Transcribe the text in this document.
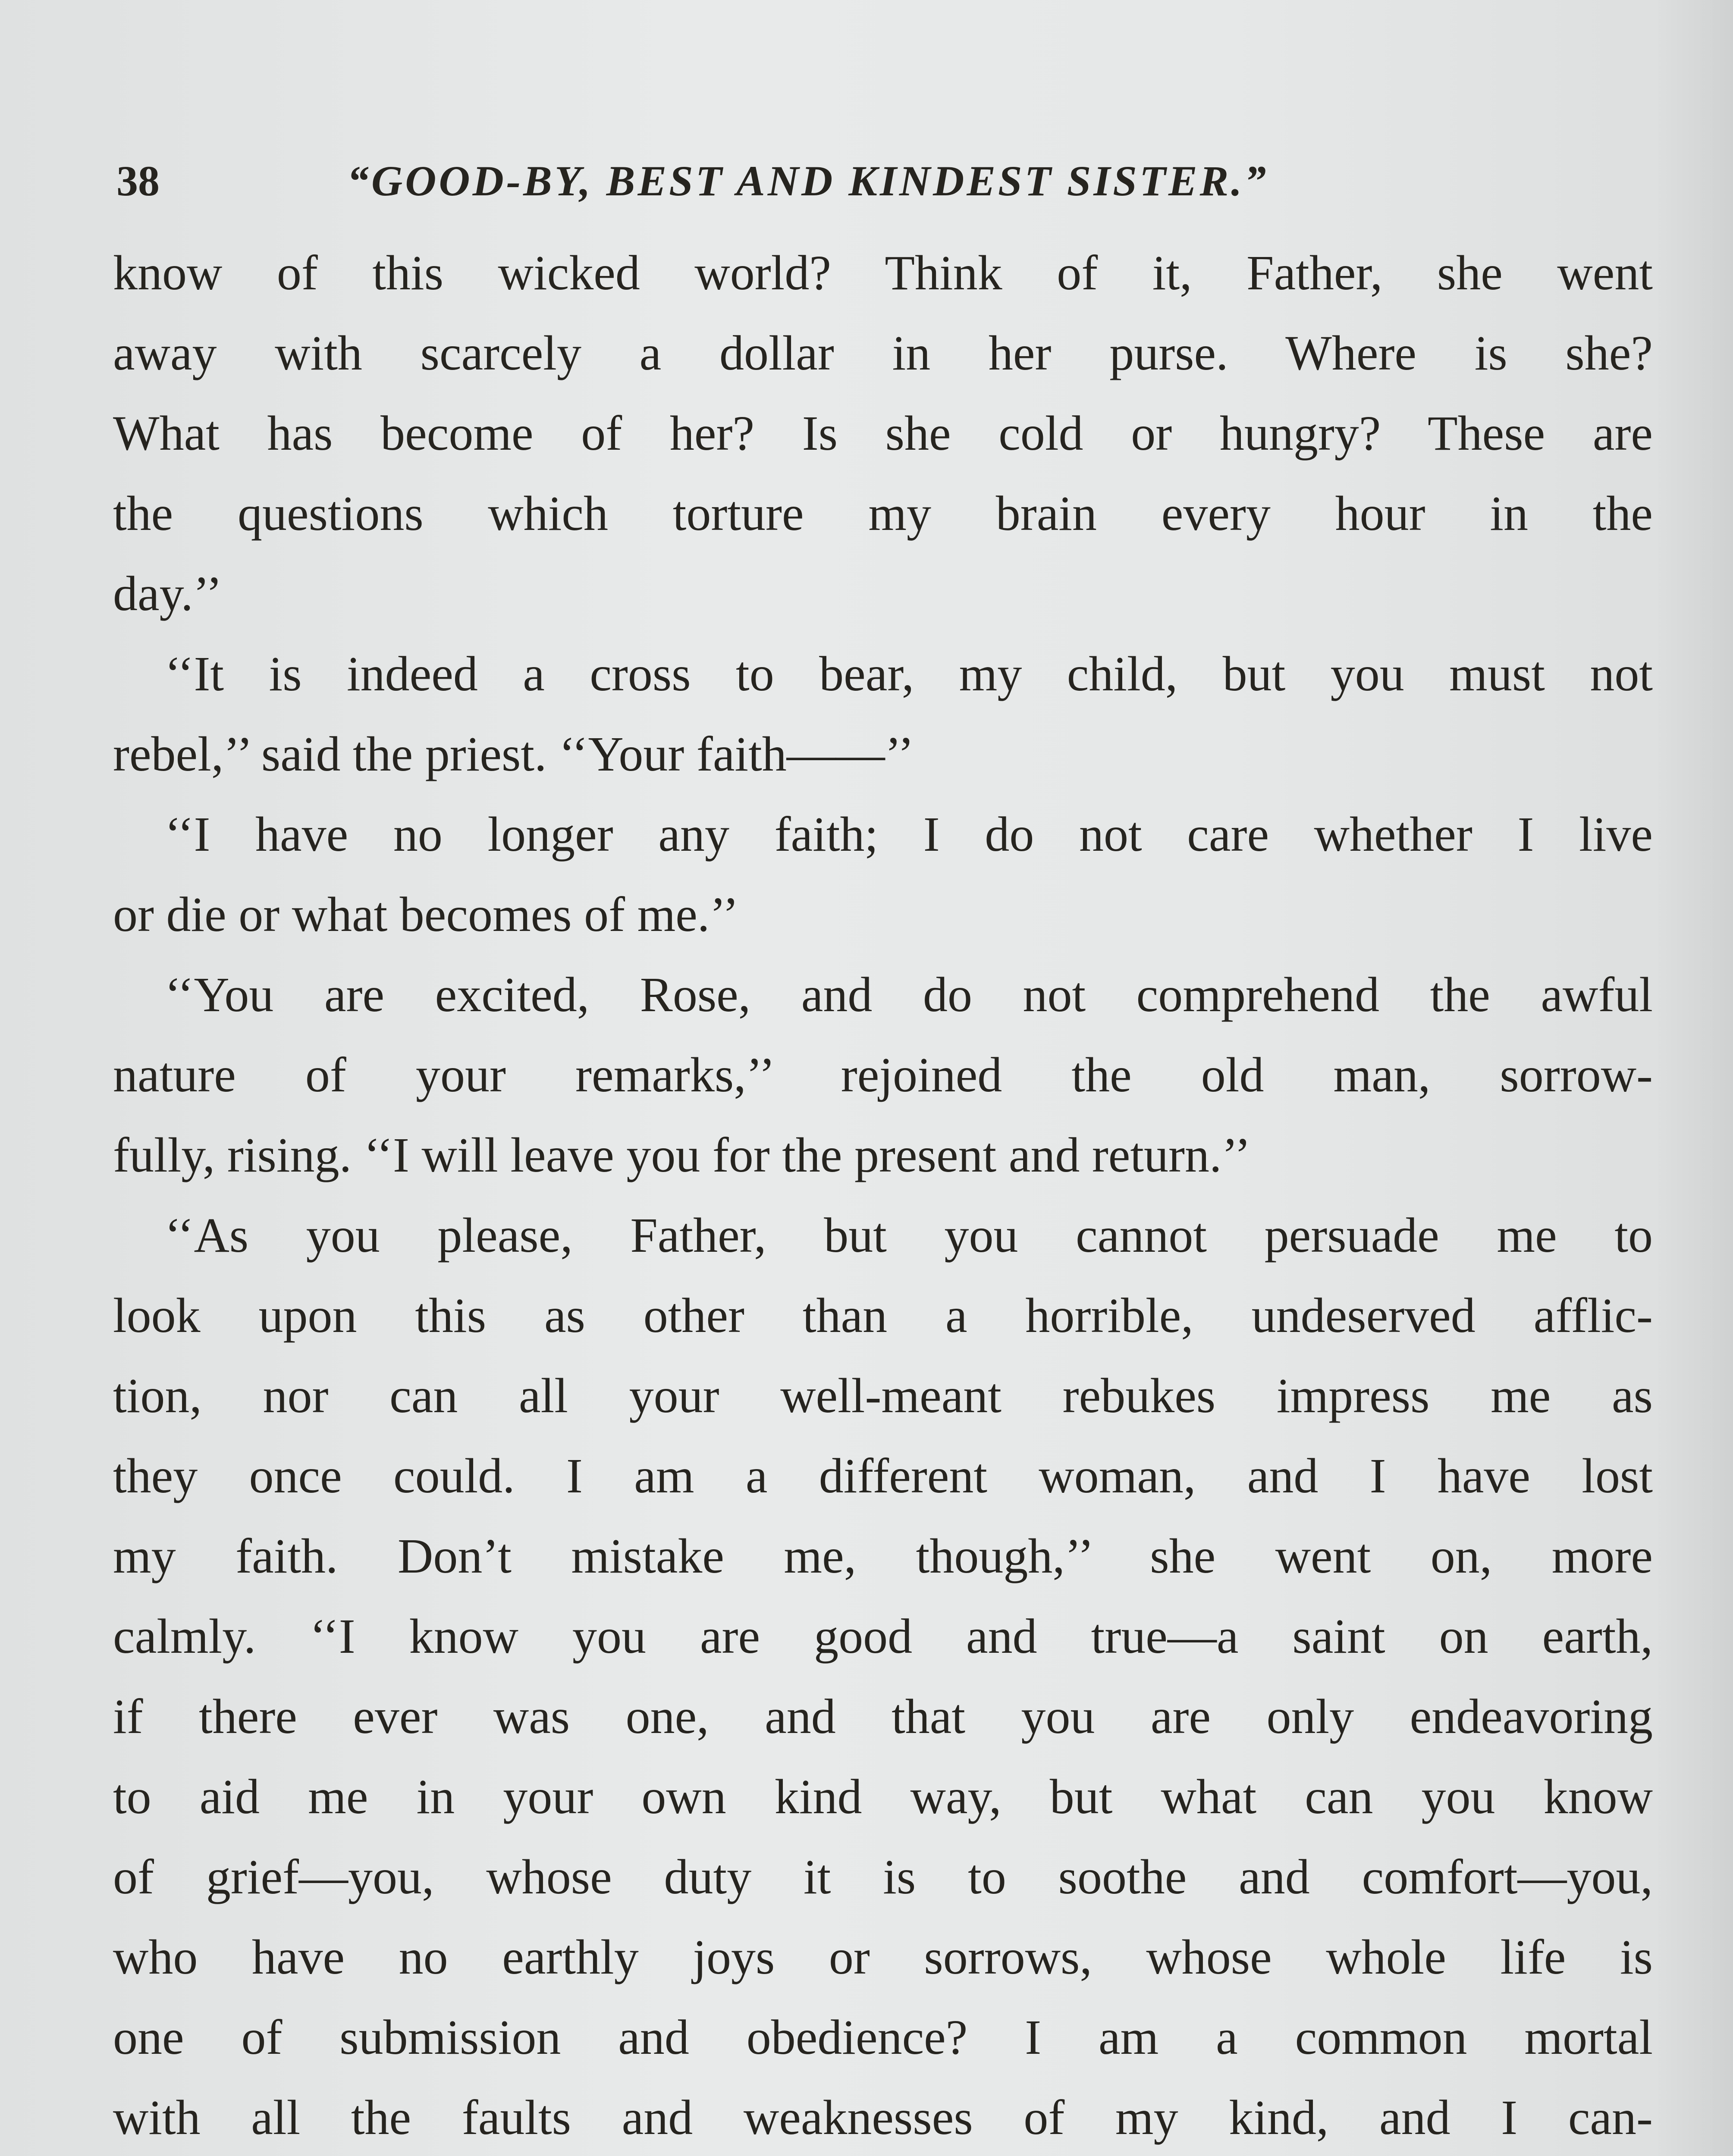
38	“GOOD-BY, BEST AND KINDEST SISTER.”
know of this wicked world? Think of it, Father, she went
away with scarcely a dollar in her purse. Where is she?
What has become of her? Is she cold or hungry? These are
the questions which torture my brain every hour in the
day.’’
‘‘It is indeed a cross to bear, my child, but you must not
rebel,’’ said the priest. ‘‘Your faith——’’
‘‘I have no longer any faith; I do not care whether I live
or die or what becomes of me.’’
‘‘You are excited, Rose, and do not comprehend the awful
nature of your remarks,’’ rejoined the old man, sorrow-
fully, rising. ‘‘I will leave you for the present and return.’’
‘‘As you please, Father, but you cannot persuade me to
look upon this as other than a horrible, undeserved afflic-
tion, nor can all your well-meant rebukes impress me as
they once could. I am a different woman, and I have lost
my faith. Don’t mistake me, though,’’ she went on, more
calmly. ‘‘I know you are good and true—a saint on earth,
if there ever was one, and that you are only endeavoring
to aid me in your own kind way, but what can you know
of grief—you, whose duty it is to soothe and comfort—you,
who have no earthly joys or sorrows, whose whole life is
one of submission and obedience? I am a common mortal
with all the faults and weaknesses of my kind, and I can-
